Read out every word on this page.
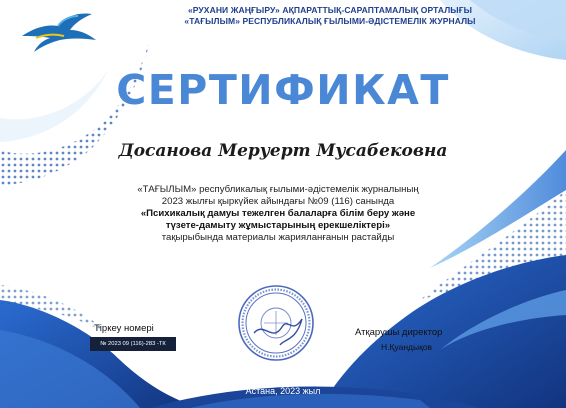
«РУХАНИ ЖАҢҒЫРУ» АҚПАРАТТЫҚ-САРАПТАМАЛЫҚ ОРТАЛЫҒЫ
«ТАҒЫЛЫМ» РЕСПУБЛИКАЛЫҚ ҒЫЛЫМИ-ӘДІСТЕМЕЛІК ЖУРНАЛЫ
СЕРТИФИКАТ
Досанова Меруерт Мусабековна
«ТАҒЫЛЫМ» республикалық ғылыми-әдістемелік журналының
2023 жылғы қыркүйек айындағы №09 (116) санында
«Психикалық дамуы тежелген балаларға білім беру және
түзете-дамыту жұмыстарының ерекшеліктері»
тақырыбында материалы жарияланғанын растайды
Тіркеу номері
№ 2023 09 (116)-283 -ТК
Атқарушы директор
Н.Қуандықов
Астана, 2023 жыл
